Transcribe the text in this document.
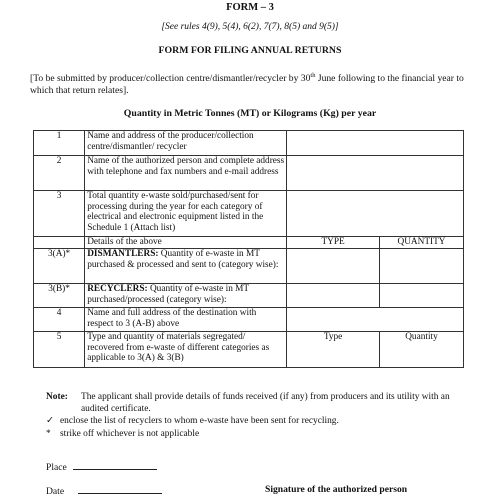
FORM – 3
[See rules 4(9), 5(4), 6(2), 7(7), 8(5) and 9(5)]
FORM FOR FILING ANNUAL RETURNS
[To be submitted by producer/collection centre/dismantler/recycler by 30th June following to the financial year to which that return relates].
Quantity in Metric Tonnes (MT) or Kilograms (Kg) per year
1	Name and address of the producer/collection centre/dismantler/ recycler		
2	Name of the authorized person and complete address with telephone and fax numbers and e-mail address		
3	Total quantity e-waste sold/purchased/sent for processing during the year for each category of electrical and electronic equipment listed in the Schedule 1 (Attach list)		
	Details of the above	TYPE	QUANTITY
3(A)*	DISMANTLERS: Quantity of e-waste in MT purchased & processed and sent to (category wise):		
3(B)*	RECYCLERS: Quantity of e-waste in MT purchased/processed (category wise):		
4	Name and full address of the destination with respect to 3 (A-B) above		
5	Type and quantity of materials segregated/ recovered from e-waste of different categories as applicable to 3(A) & 3(B)	Type	Quantity
Note:	The applicant shall provide details of funds received (if any) from producers and its utility with an audited certificate.
✓ enclose the list of recyclers to whom e-waste have been sent for recycling.
* strike off whichever is not applicable
Place
Date	Signature of the authorized person
